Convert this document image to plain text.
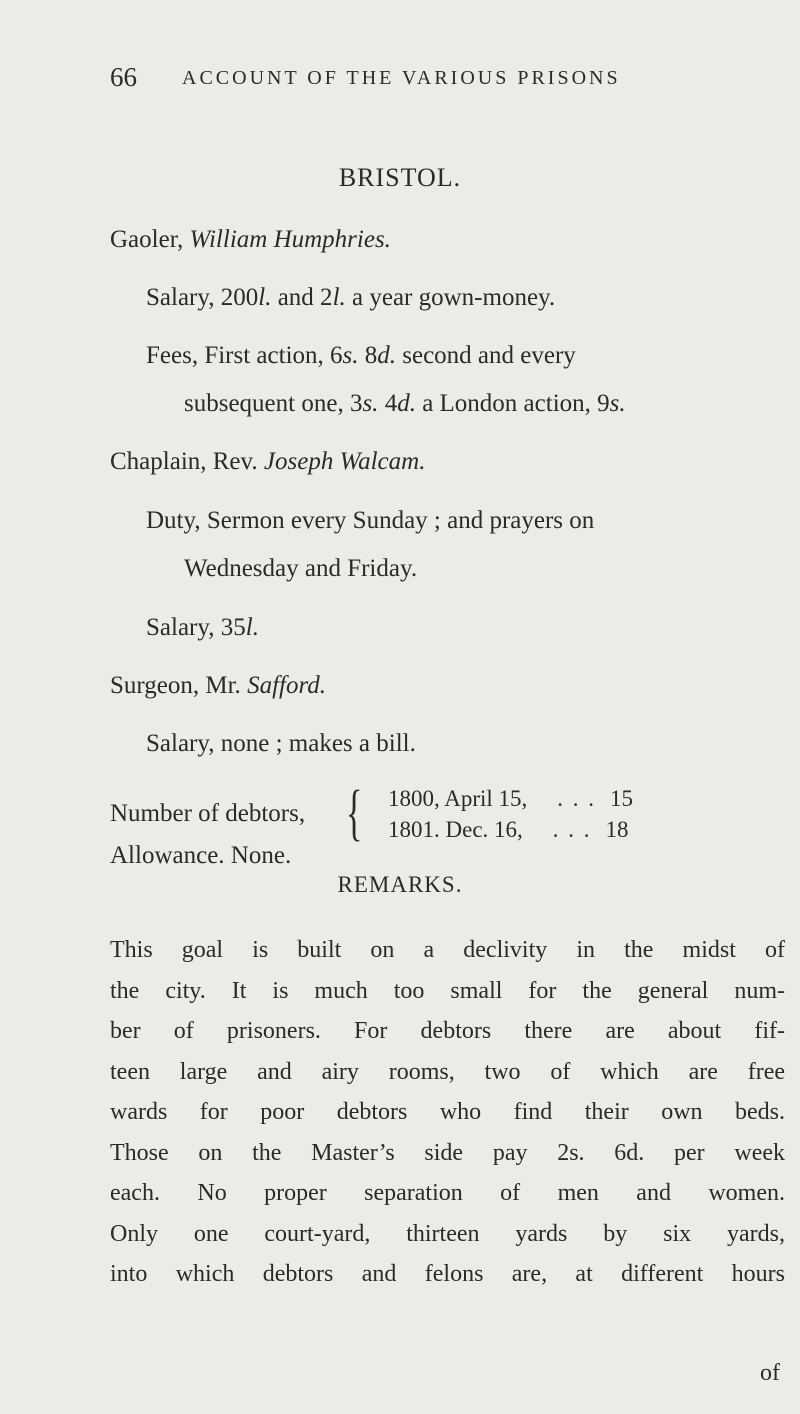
66 ACCOUNT OF THE VARIOUS PRISONS
BRISTOL.
Gaoler, William Humphries.
Salary, 200l. and 2l. a year gown-money.
Fees, First action, 6s. 8d. second and every
subsequent one, 3s. 4d. a London action, 9s.
Chaplain, Rev. Joseph Walcam.
Duty, Sermon every Sunday ; and prayers on
Wednesday and Friday.
Salary, 35l.
Surgeon, Mr. Safford.
Salary, none ; makes a bill.
Number of debtors, { 1800, April 15, . . . 15
1801. Dec. 16, . . . 18
Allowance. None.
REMARKS.
This goal is built on a declivity in the midst of
the city. It is much too small for the general num-
ber of prisoners. For debtors there are about fif-
teen large and airy rooms, two of which are free
wards for poor debtors who find their own beds.
Those on the Master’s side pay 2s. 6d. per week
each. No proper separation of men and women.
Only one court-yard, thirteen yards by six yards,
into which debtors and felons are, at different hours
of
